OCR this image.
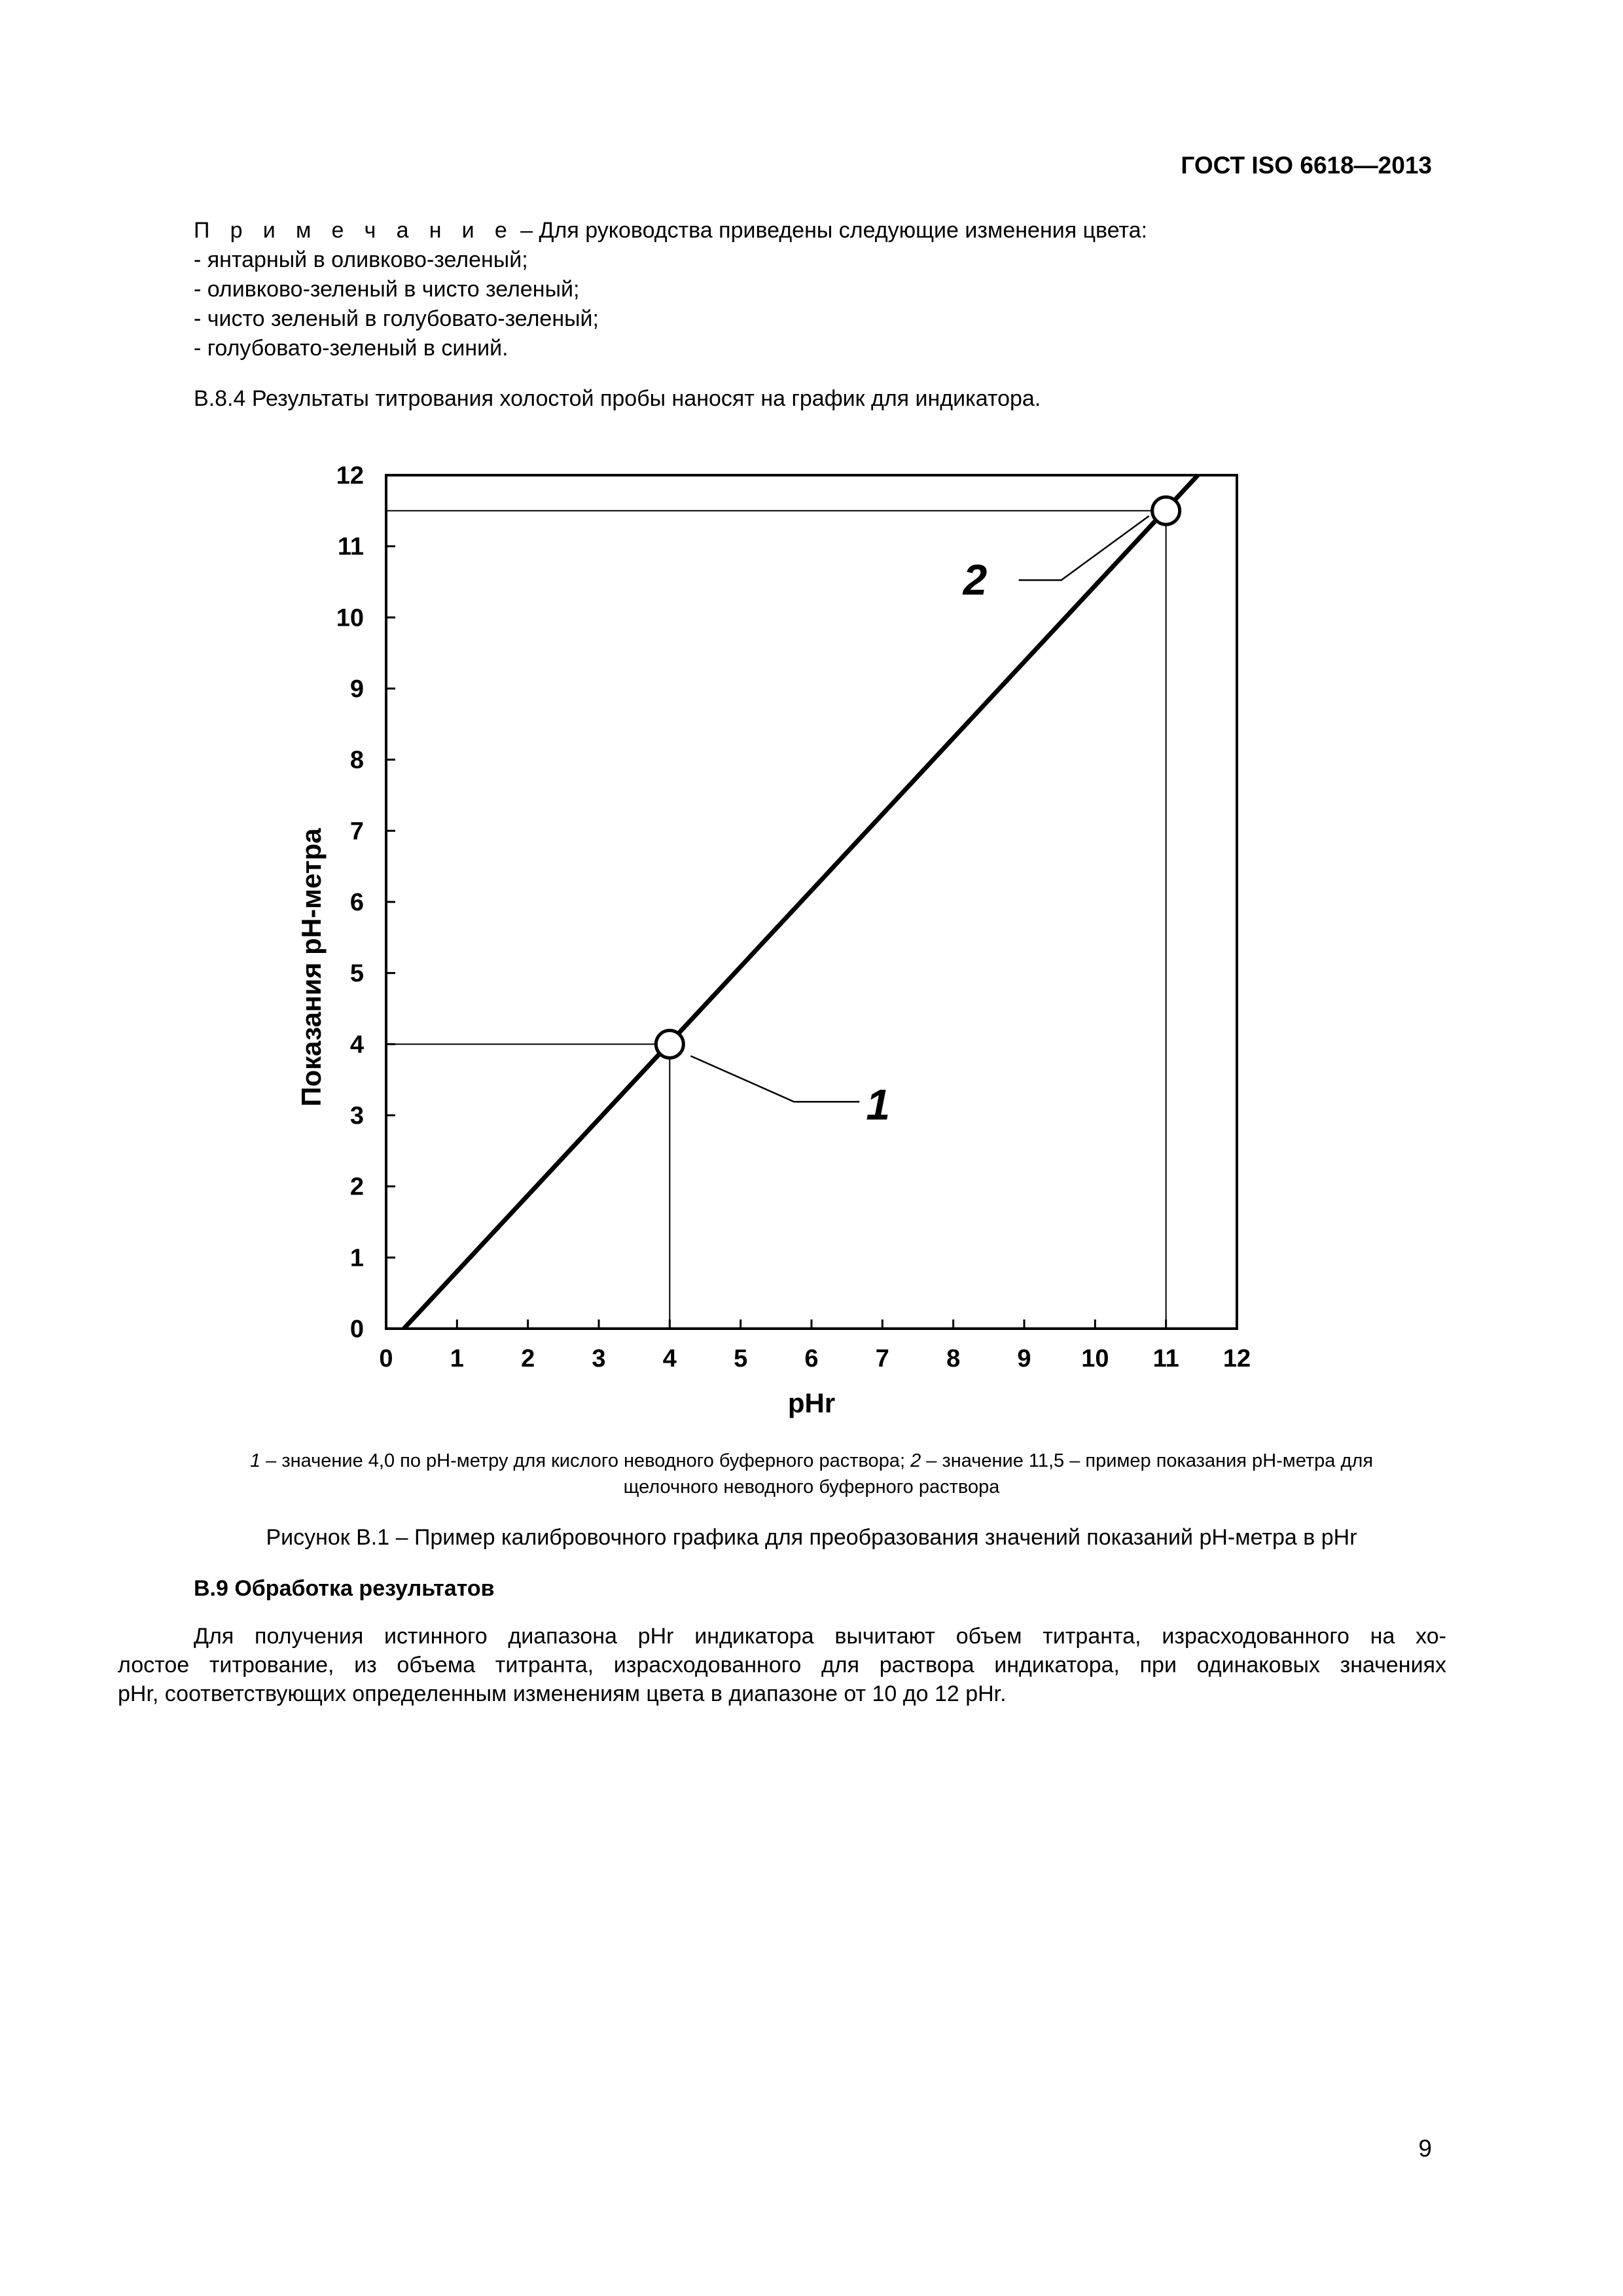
ГОСТ ISO 6618—2013
П р и м е ч а н и е – Для руководства приведены следующие изменения цвета:
- янтарный в оливково-зеленый;
- оливково-зеленый в чисто зеленый;
- чисто зеленый в голубовато-зеленый;
- голубовато-зеленый в синий.
В.8.4 Результаты титрования холостой пробы наносят на график для индикатора.
0 1 2 3 4 5 6 7 8 9 10 11 12
0
1
2
3
4
5
6
7
8
9
10
11
12
1
2
pHr
Показания pH-метра
1 – значение 4,0 по pH-метру для кислого неводного буферного раствора; 2 – значение 11,5 – пример показания pH-метра для
щелочного неводного буферного раствора
Рисунок В.1 – Пример калибровочного графика для преобразования значений показаний pH-метра в pHr
В.9 Обработка результатов
Для получения истинного диапазона pHr индикатора вычитают объем титранта, израсходованного на хо-
лостое титрование, из объема титранта, израсходованного для раствора индикатора, при одинаковых значениях
pHr, соответствующих определенным изменениям цвета в диапазоне от 10 до 12 pHr.
9
